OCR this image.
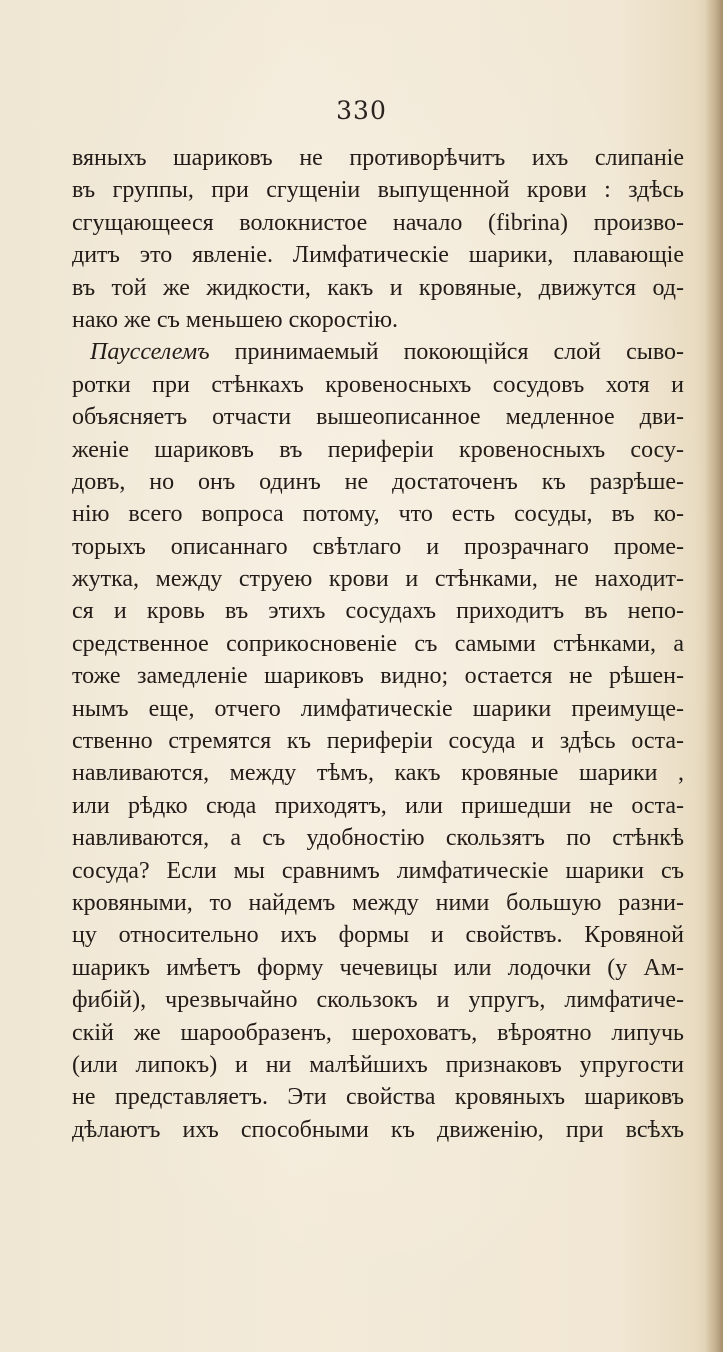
330
вяныхъ шариковъ не противорѣчитъ ихъ слипаніе
въ группы, при сгущеніи выпущенной крови : здѣсь
сгущающееся волокнистое начало (fibrina) произво-
дитъ это явленіе. Лимфатическіе шарики, плавающіе
въ той же жидкости, какъ и кровяные, движутся од-
нако же съ меньшею скоростію.
Паусселемъ принимаемый покоющійся слой сыво-
ротки при стѣнкахъ кровеносныхъ сосудовъ хотя и
объясняетъ отчасти вышеописанное медленное дви-
женіе шариковъ въ периферіи кровеносныхъ сосу-
довъ, но онъ одинъ не достаточенъ къ разрѣше-
нію всего вопроса потому, что есть сосуды, въ ко-
торыхъ описаннаго свѣтлаго и прозрачнаго проме-
жутка, между струею крови и стѣнками, не находит-
ся и кровь въ этихъ сосудахъ приходитъ въ непо-
средственное соприкосновеніе съ самыми стѣнками, а
тоже замедленіе шариковъ видно; остается не рѣшен-
нымъ еще, отчего лимфатическіе шарики преимуще-
ственно стремятся къ периферіи сосуда и здѣсь оста-
навливаются, между тѣмъ, какъ кровяные шарики ,
или рѣдко сюда приходятъ, или пришедши не оста-
навливаются, а съ удобностію скользятъ по стѣнкѣ
сосуда? Если мы сравнимъ лимфатическіе шарики съ
кровяными, то найдемъ между ними большую разни-
цу относительно ихъ формы и свойствъ. Кровяной
шарикъ имѣетъ форму чечевицы или лодочки (у Ам-
фибій), чрезвычайно скользокъ и упругъ, лимфатиче-
скій же шарообразенъ, шероховатъ, вѣроятно липучь
(или липокъ) и ни малѣйшихъ признаковъ упругости
не представляетъ. Эти свойства кровяныхъ шариковъ
дѣлаютъ ихъ способными къ движенію, при всѣхъ
